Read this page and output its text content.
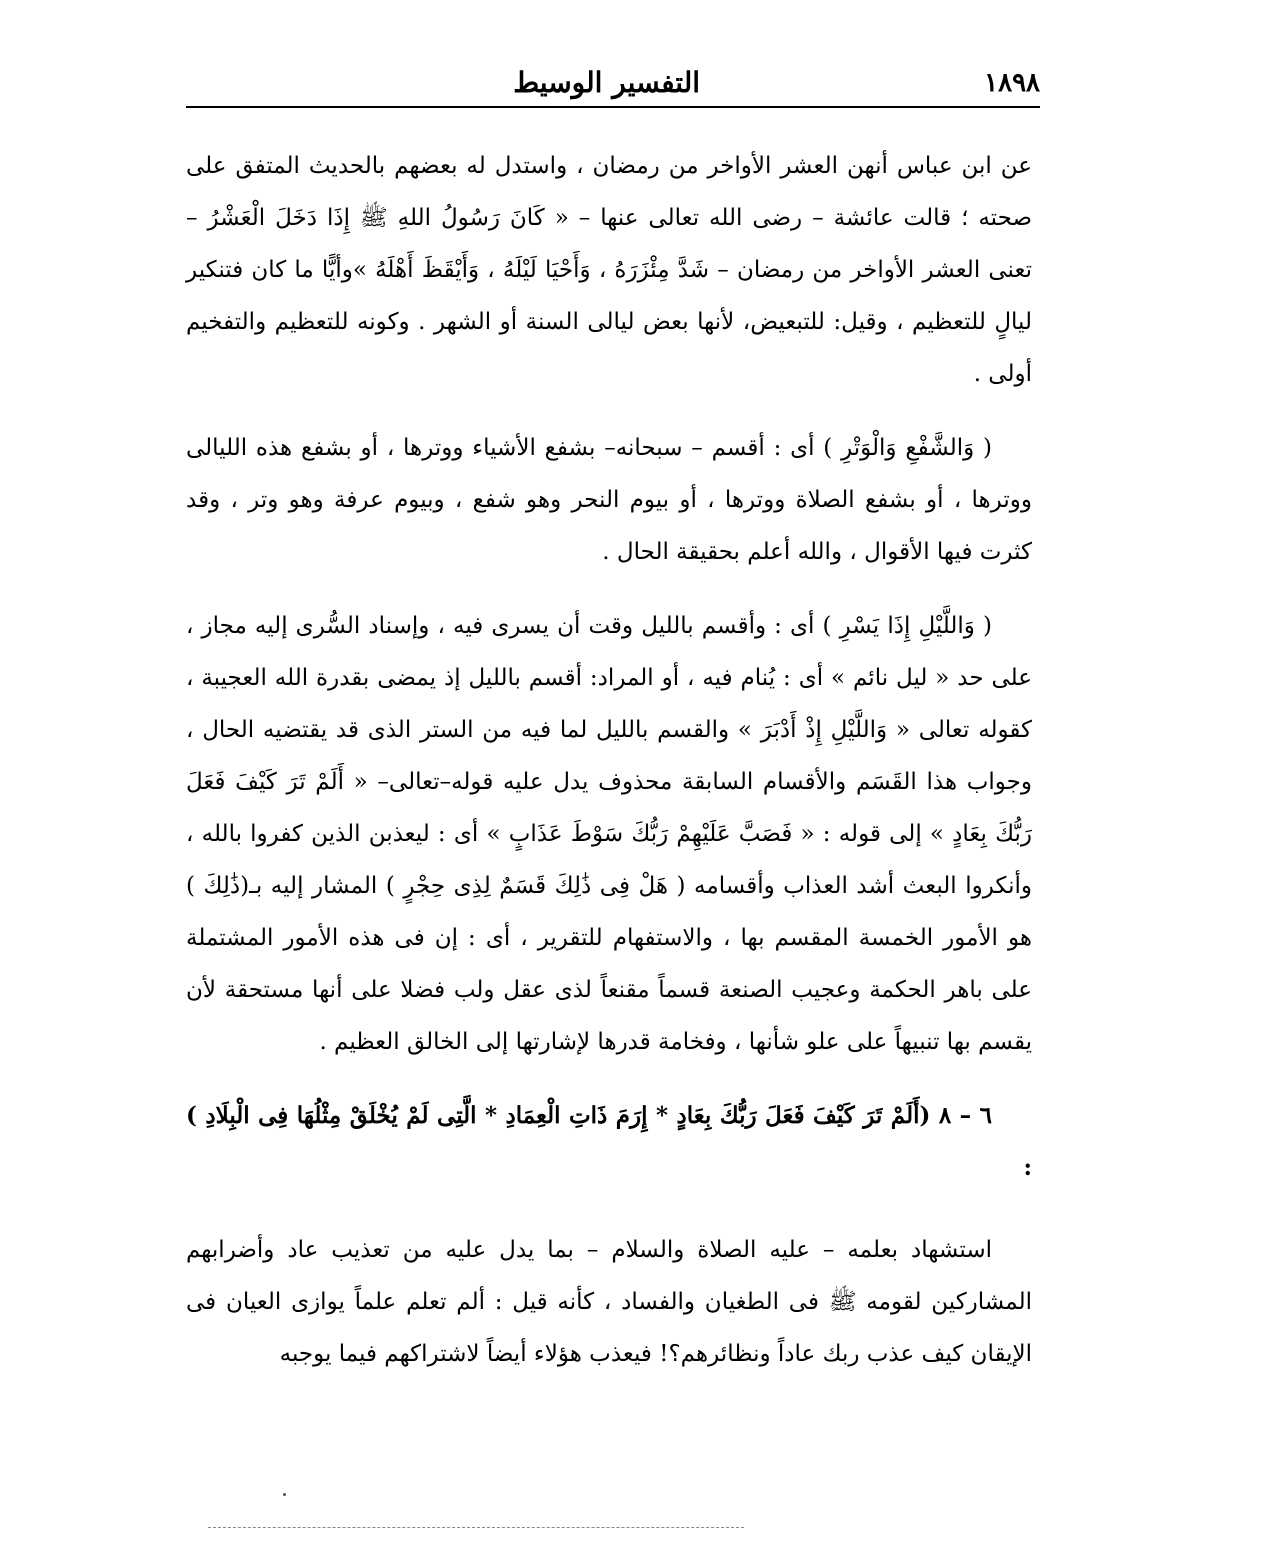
١٨٩٨
التفسير الوسيط

عن ابن عباس أنهن العشر الأواخر من رمضان ، واستدل له بعضهم بالحديث المتفق على صحته ؛ قالت عائشة – رضى الله تعالى عنها – « كَانَ رَسُولُ اللهِ ﷺ إِذَا دَخَلَ الْعَشْرُ – تعنى العشر الأواخر من رمضان – شَدَّ مِئْزَرَهُ ، وَأَحْيَا لَيْلَهُ ، وَأَيْقَظَ أَهْلَهُ »وأيًّا ما كان فتنكير ليالٍ للتعظيم ، وقيل: للتبعيض، لأنها بعض ليالى السنة أو الشهر . وكونه للتعظيم والتفخيم أولى .

( وَالشَّفْعِ وَالْوَتْرِ ) أى : أقسم – سبحانه– بشفع الأشياء ووترها ، أو بشفع هذه الليالى ووترها ، أو بشفع الصلاة ووترها ، أو بيوم النحر وهو شفع ، وبيوم عرفة وهو وتر ، وقد كثرت فيها الأقوال ، والله أعلم بحقيقة الحال .

( وَاللَّيْلِ إِذَا يَسْرِ ) أى : وأقسم بالليل وقت أن يسرى فيه ، وإسناد السُّرى إليه مجاز ، على حد « ليل نائم » أى : يُنام فيه ، أو المراد: أقسم بالليل إذ يمضى بقدرة الله العجيبة ، كقوله تعالى « وَاللَّيْلِ إِذْ أَدْبَرَ » والقسم بالليل لما فيه من الستر الذى قد يقتضيه الحال ، وجواب هذا القَسَم والأقسام السابقة محذوف يدل عليه قوله–تعالى– « أَلَمْ تَرَ كَيْفَ فَعَلَ رَبُّكَ بِعَادٍ » إلى قوله : « فَصَبَّ عَلَيْهِمْ رَبُّكَ سَوْطَ عَذَابٍ » أى : ليعذبن الذين كفروا بالله ، وأنكروا البعث أشد العذاب وأقسامه ( هَلْ فِى ذَٰلِكَ قَسَمٌ لِذِى حِجْرٍ ) المشار إليه بـ(ذَٰلِكَ ) هو الأمور الخمسة المقسم بها ، والاستفهام للتقرير ، أى : إن فى هذه الأمور المشتملة على باهر الحكمة وعجيب الصنعة قسماً مقنعاً لذى عقل ولب فضلا على أنها مستحقة لأن يقسم بها تنبيهاً على علو شأنها ، وفخامة قدرها لإشارتها إلى الخالق العظيم .

٦ – ٨ (أَلَمْ تَرَ كَيْفَ فَعَلَ رَبُّكَ بِعَادٍ * إِرَمَ ذَاتِ الْعِمَادِ * الَّتِى لَمْ يُخْلَقْ مِثْلُهَا فِى الْبِلَادِ ) :

استشهاد بعلمه – عليه الصلاة والسلام – بما يدل عليه من تعذيب عاد وأضرابهم المشاركين لقومه ﷺ فى الطغيان والفساد ، كأنه قيل : ألم تعلم علماً يوازى العيان فى الإيقان كيف عذب ربك عاداً ونظائرهم؟! فيعذب هؤلاء أيضاً لاشتراكهم فيما يوجبه
